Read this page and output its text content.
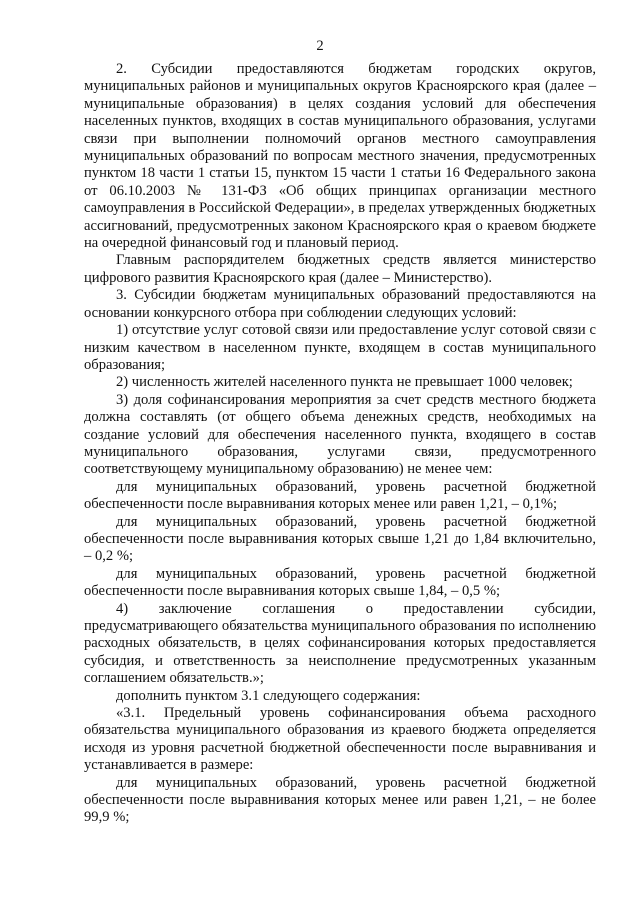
2

2. Субсидии предоставляются бюджетам городских округов, муниципальных районов и муниципальных округов Красноярского края (далее – муниципальные образования) в целях создания условий для обеспечения населенных пунктов, входящих в состав муниципального образования, услугами связи при выполнении полномочий органов местного самоуправления муниципальных образований по вопросам местного значения, предусмотренных пунктом 18 части 1 статьи 15, пунктом 15 части 1 статьи 16 Федерального закона от 06.10.2003 № 131-ФЗ «Об общих принципах организации местного самоуправления в Российской Федерации», в пределах утвержденных бюджетных ассигнований, предусмотренных законом Красноярского края о краевом бюджете на очередной финансовый год и плановый период.

Главным распорядителем бюджетных средств является министерство цифрового развития Красноярского края (далее – Министерство).

3. Субсидии бюджетам муниципальных образований предоставляются на основании конкурсного отбора при соблюдении следующих условий:

1) отсутствие услуг сотовой связи или предоставление услуг сотовой связи с низким качеством в населенном пункте, входящем в состав муниципального образования;

2) численность жителей населенного пункта не превышает 1000 человек;

3) доля софинансирования мероприятия за счет средств местного бюджета должна составлять (от общего объема денежных средств, необходимых на создание условий для обеспечения населенного пункта, входящего в состав муниципального образования, услугами связи, предусмотренного соответствующему муниципальному образованию) не менее чем:

для муниципальных образований, уровень расчетной бюджетной обеспеченности после выравнивания которых менее или равен 1,21, – 0,1%;

для муниципальных образований, уровень расчетной бюджетной обеспеченности после выравнивания которых свыше 1,21 до 1,84 включительно, – 0,2 %;

для муниципальных образований, уровень расчетной бюджетной обеспеченности после выравнивания которых свыше 1,84, – 0,5 %;

4) заключение соглашения о предоставлении субсидии, предусматривающего обязательства муниципального образования по исполнению расходных обязательств, в целях софинансирования которых предоставляется субсидия, и ответственность за неисполнение предусмотренных указанным соглашением обязательств.»;

дополнить пунктом 3.1 следующего содержания:

«3.1. Предельный уровень софинансирования объема расходного обязательства муниципального образования из краевого бюджета определяется исходя из уровня расчетной бюджетной обеспеченности после выравнивания и устанавливается в размере:

для муниципальных образований, уровень расчетной бюджетной обеспеченности после выравнивания которых менее или равен 1,21, – не более 99,9 %;
